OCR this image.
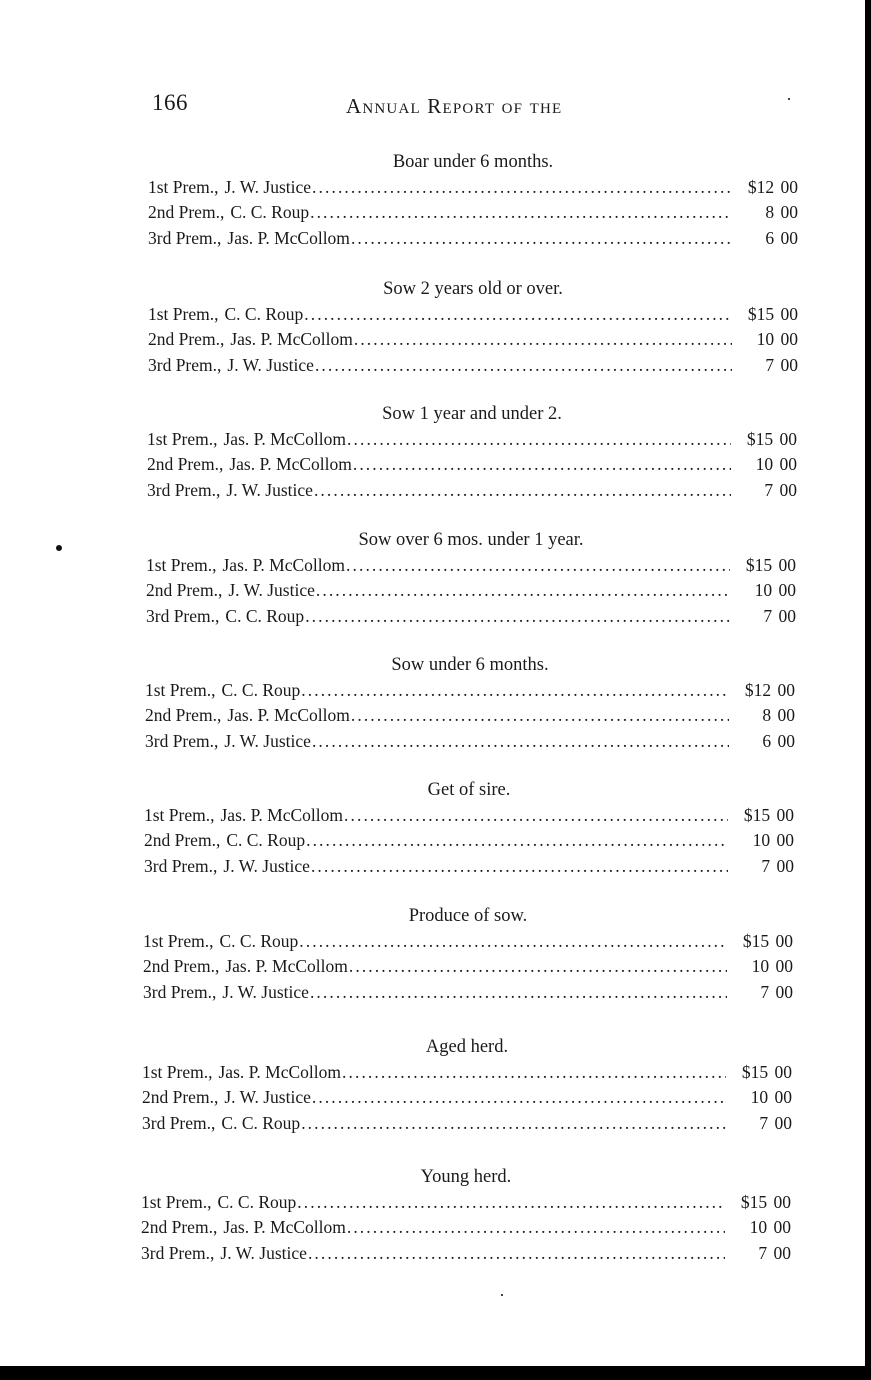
166	Annual Report of the
Boar under 6 months.
1st Prem., J. W. Justice .....	$12 00
2nd Prem., C. C. Roup .....	8 00
3rd Prem., Jas. P. McCollom .....	6 00
Sow 2 years old or over.
1st Prem., C. C. Roup .....	$15 00
2nd Prem., Jas. P. McCollom .....	10 00
3rd Prem., J. W. Justice .....	7 00
Sow 1 year and under 2.
1st Prem., Jas. P. McCollom .....	$15 00
2nd Prem., Jas. P. McCollom .....	10 00
3rd Prem., J. W. Justice .....	7 00
Sow over 6 mos. under 1 year.
1st Prem., Jas. P. McCollom .....	$15 00
2nd Prem., J. W. Justice .....	10 00
3rd Prem., C. C. Roup .....	7 00
Sow under 6 months.
1st Prem., C. C. Roup .....	$12 00
2nd Prem., Jas. P. McCollom .....	8 00
3rd Prem., J. W. Justice .....	6 00
Get of sire.
1st Prem., Jas. P. McCollom .....	$15 00
2nd Prem., C. C. Roup .....	10 00
3rd Prem., J. W. Justice .....	7 00
Produce of sow.
1st Prem., C. C. Roup .....	$15 00
2nd Prem., Jas. P. McCollom .....	10 00
3rd Prem., J. W. Justice .....	7 00
Aged herd.
1st Prem., Jas. P. McCollom .....	$15 00
2nd Prem., J. W. Justice .....	10 00
3rd Prem., C. C. Roup .....	7 00
Young herd.
1st Prem., C. C. Roup .....	$15 00
2nd Prem., Jas. P. McCollom .....	10 00
3rd Prem., J. W. Justice .....	7 00
